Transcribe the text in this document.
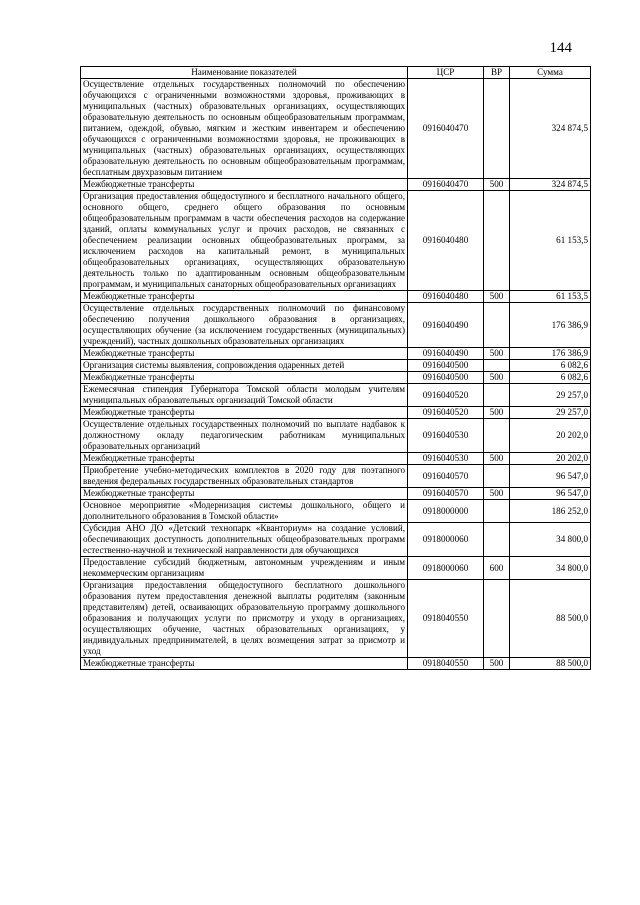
144
Наименование показателей	ЦСР	ВР	Сумма
Осуществление отдельных государственных полномочий по обеспечению обучающихся с ограниченными возможностями здоровья, проживающих в муниципальных (частных) образовательных организациях, осуществляющих образовательную деятельность по основным общеобразовательным программам, питанием, одеждой, обувью, мягким и жестким инвентарем и обеспечению обучающихся с ограниченными возможностями здоровья, не проживающих в муниципальных (частных) образовательных организациях, осуществляющих образовательную деятельность по основным общеобразовательным программам, бесплатным двухразовым питанием	0916040470		324 874,5
Межбюджетные трансферты	0916040470	500	324 874,5
Организация предоставления общедоступного и бесплатного начального общего, основного общего, среднего общего образования по основным общеобразовательным программам в части обеспечения расходов на содержание зданий, оплаты коммунальных услуг и прочих расходов, не связанных с обеспечением реализации основных общеобразовательных программ, за исключением расходов на капитальный ремонт, в муниципальных общеобразовательных организациях, осуществляющих образовательную деятельность только по адаптированным основным общеобразовательным программам, и муниципальных санаторных общеобразовательных организациях	0916040480		61 153,5
Межбюджетные трансферты	0916040480	500	61 153,5
Осуществление отдельных государственных полномочий по финансовому обеспечению получения дошкольного образования в организациях, осуществляющих обучение (за исключением государственных (муниципальных) учреждений), частных дошкольных образовательных организациях	0916040490		176 386,9
Межбюджетные трансферты	0916040490	500	176 386,9
Организация системы выявления, сопровождения одаренных детей	0916040500		6 082,6
Межбюджетные трансферты	0916040500	500	6 082,6
Ежемесячная стипендия Губернатора Томской области молодым учителям муниципальных образовательных организаций Томской области	0916040520		29 257,0
Межбюджетные трансферты	0916040520	500	29 257,0
Осуществление отдельных государственных полномочий по выплате надбавок к должностному окладу педагогическим работникам муниципальных образовательных организаций	0916040530		20 202,0
Межбюджетные трансферты	0916040530	500	20 202,0
Приобретение учебно-методических комплектов в 2020 году для поэтапного введения федеральных государственных образовательных стандартов	0916040570		96 547,0
Межбюджетные трансферты	0916040570	500	96 547,0
Основное мероприятие «Модернизация системы дошкольного, общего и дополнительного образования в Томской области»	0918000000		186 252,0
Субсидия АНО ДО «Детский технопарк «Кванториум» на создание условий, обеспечивающих доступность дополнительных общеобразовательных программ естественно-научной и технической направленности для обучающихся	0918000060		34 800,0
Предоставление субсидий бюджетным, автономным учреждениям и иным некоммерческим организациям	0918000060	600	34 800,0
Организация предоставления общедоступного бесплатного дошкольного образования путем предоставления денежной выплаты родителям (законным представителям) детей, осваивающих образовательную программу дошкольного образования и получающих услуги по присмотру и уходу в организациях, осуществляющих обучение, частных образовательных организациях, у индивидуальных предпринимателей, в целях возмещения затрат за присмотр и уход	0918040550		88 500,0
Межбюджетные трансферты	0918040550	500	88 500,0
